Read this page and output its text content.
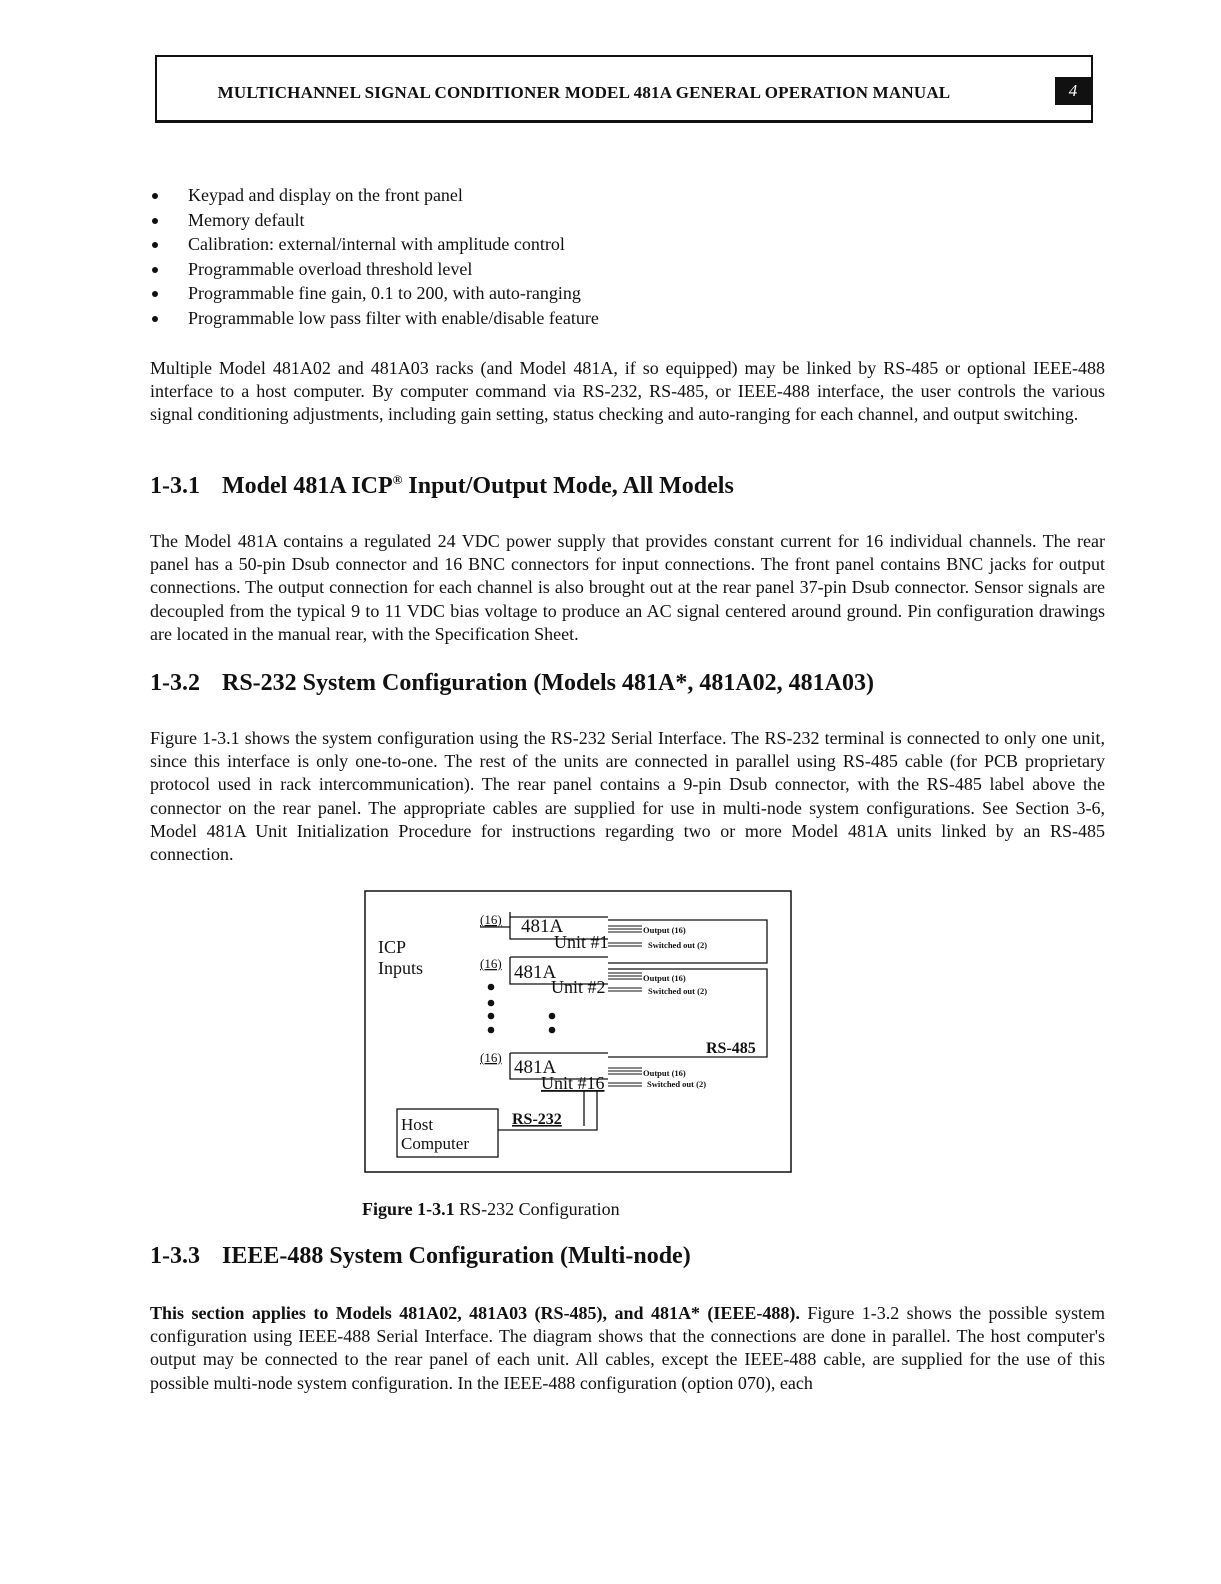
MULTICHANNEL SIGNAL CONDITIONER MODEL 481A GENERAL OPERATION MANUAL	4
Keypad and display on the front panel
Memory default
Calibration: external/internal with amplitude control
Programmable overload threshold level
Programmable fine gain, 0.1 to 200, with auto-ranging
Programmable low pass filter with enable/disable feature

Multiple Model 481A02 and 481A03 racks (and Model 481A, if so equipped) may be linked by RS-485 or optional IEEE-488 interface to a host computer. By computer command via RS-232, RS-485, or IEEE-488 interface, the user controls the various signal conditioning adjustments, including gain setting, status checking and auto-ranging for each channel, and output switching.

1-3.1 Model 481A ICP® Input/Output Mode, All Models

The Model 481A contains a regulated 24 VDC power supply that provides constant current for 16 individual channels. The rear panel has a 50-pin Dsub connector and 16 BNC connectors for input connections. The front panel contains BNC jacks for output connections. The output connection for each channel is also brought out at the rear panel 37-pin Dsub connector. Sensor signals are decoupled from the typical 9 to 11 VDC bias voltage to produce an AC signal centered around ground. Pin configuration drawings are located in the manual rear, with the Specification Sheet.

1-3.2 RS-232 System Configuration (Models 481A*, 481A02, 481A03)

Figure 1-3.1 shows the system configuration using the RS-232 Serial Interface. The RS-232 terminal is connected to only one unit, since this interface is only one-to-one. The rest of the units are connected in parallel using RS-485 cable (for PCB proprietary protocol used in rack intercommunication). The rear panel contains a 9-pin Dsub connector, with the RS-485 label above the connector on the rear panel. The appropriate cables are supplied for use in multi-node system configurations. See Section 3-6, Model 481A Unit Initialization Procedure for instructions regarding two or more Model 481A units linked by an RS-485 connection.

ICP
Inputs
(16) 481A
Unit #1
Output (16)
Switched out (2)
(16) 481A
Unit #2	Output (16)
Switched out (2)
RS-485
(16) 481A
Unit #16	Output (16)
Switched out (2)
RS-232
Host
Computer
Figure 1-3.1 RS-232 Configuration
1-3.3 IEEE-488 System Configuration (Multi-node)

This section applies to Models 481A02, 481A03 (RS-485), and 481A* (IEEE-488). Figure 1-3.2 shows the possible system configuration using IEEE-488 Serial Interface. The diagram shows that the connections are done in parallel. The host computer's output may be connected to the rear panel of each unit. All cables, except the IEEE-488 cable, are supplied for the use of this possible multi-node system configuration. In the IEEE-488 configuration (option 070), each
